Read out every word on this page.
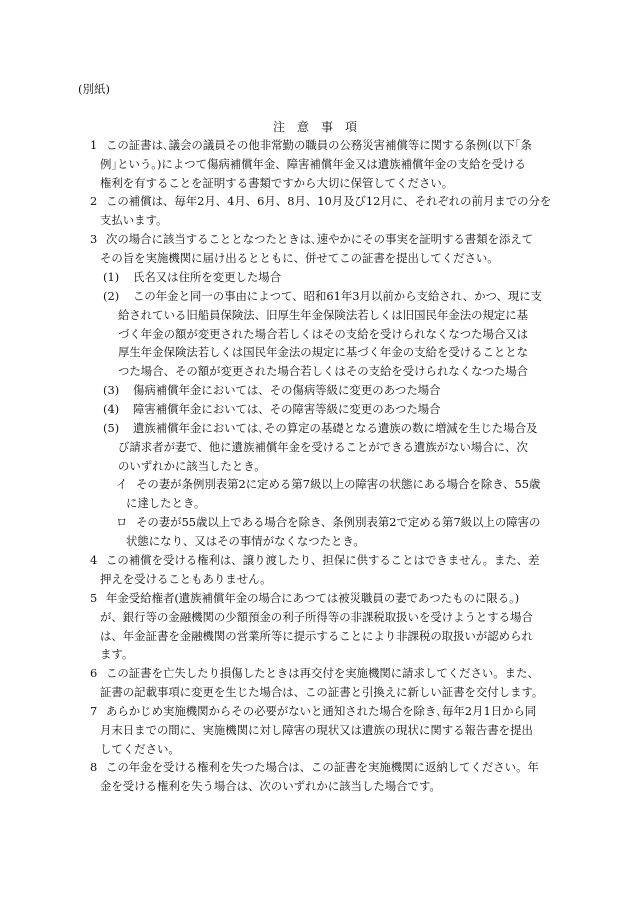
(別紙)
注　意　事　項
1 この証書は､議会の議員その他非常勤の職員の公務災害補償等に関する条例(以下｢条
例｣という｡)によつて傷病補償年金、障害補償年金又は遺族補償年金の支給を受ける
権利を有することを証明する書類ですから大切に保管してください。
2 この補償は、毎年2月、4月、6月、8月、10月及び12月に、それぞれの前月までの分を
支払います。
3 次の場合に該当することとなつたときは､速やかにその事実を証明する書類を添えて
その旨を実施機関に届け出るとともに、併せてこの証書を提出してください。
(1) 氏名又は住所を変更した場合
(2) この年金と同一の事由によつて、昭和61年3月以前から支給され、かつ、現に支
給されている旧船員保険法、旧厚生年金保険法若しくは旧国民年金法の規定に基
づく年金の額が変更された場合若しくはその支給を受けられなくなつた場合又は
厚生年金保険法若しくは国民年金法の規定に基づく年金の支給を受けることとな
つた場合、その額が変更された場合若しくはその支給を受けられなくなつた場合
(3) 傷病補償年金においては、その傷病等級に変更のあつた場合
(4) 障害補償年金においては、その障害等級に変更のあつた場合
(5) 遺族補償年金においては､その算定の基礎となる遺族の数に増減を生じた場合及
び請求者が妻で、他に遺族補償年金を受けることができる遺族がない場合に、次
のいずれかに該当したとき。
イ その妻が条例別表第2に定める第7級以上の障害の状態にある場合を除き、55歳
に達したとき。
ロ その妻が55歳以上である場合を除き、条例別表第2で定める第7級以上の障害の
状態になり、又はその事情がなくなつたとき。
4 この補償を受ける権利は、譲り渡したり、担保に供することはできません。また、差
押えを受けることもありません。
5 年金受給権者(遺族補償年金の場合にあつては被災職員の妻であつたものに限る。)
が、銀行等の金融機関の少額預金の利子所得等の非課税取扱いを受けようとする場合
は、年金証書を金融機関の営業所等に提示することにより非課税の取扱いが認められ
ます。
6 この証書を亡失したり損傷したときは再交付を実施機関に請求してください。また、
証書の記載事項に変更を生じた場合は、この証書と引換えに新しい証書を交付します。
7 あらかじめ実施機関からその必要がないと通知された場合を除き､毎年2月1日から同
月末日までの間に、実施機関に対し障害の現状又は遺族の現状に関する報告書を提出
してください。
8 この年金を受ける権利を失つた場合は、この証書を実施機関に返納してください。年
金を受ける権利を失う場合は、次のいずれかに該当した場合です。
